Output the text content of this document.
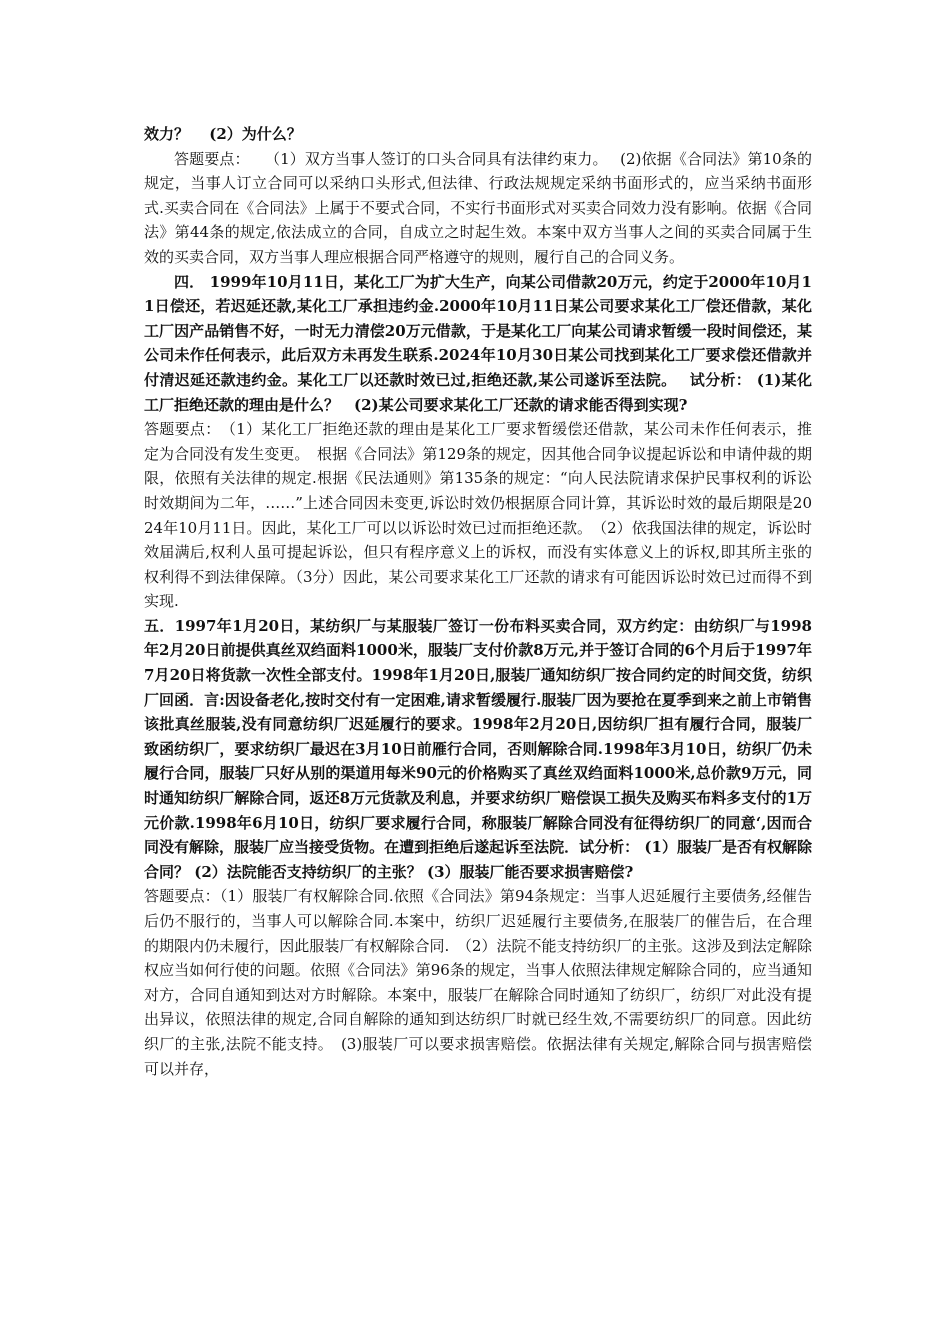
效力？　 (2）为什么？

答题要点：　　（1）双方当事人签订的口头合同具有法律约束力。　 (2)依据《合同法》第10条的规定，当事人订立合同可以采纳口头形式,但法律、行政法规规定采纳书面形式的，应当采纳书面形式.买卖合同在《合同法》上属于不要式合同，不实行书面形式对买卖合同效力没有影响。依据《合同法》第44条的规定,依法成立的合同，自成立之时起生效。本案中双方当事人之间的买卖合同属于生效的买卖合同，双方当事人理应根据合同严格遵守的规则，履行自己的合同义务。

四． 1999年10月11日，某化工厂为扩大生产，向某公司借款20万元，约定于2000年10月11日偿还，若迟延还款,某化工厂承担违约金.2000年10月11日某公司要求某化工厂偿还借款，某化工厂因产品销售不好，一时无力清偿20万元借款，于是某化工厂向某公司请求暂缓一段时间偿还，某公司未作任何表示，此后双方未再发生联系.2024年10月30日某公司找到某化工厂要求偿还借款并付清迟延还款违约金。某化工厂以还款时效已过,拒绝还款,某公司遂诉至法院。　 试分析： (1)某化工厂拒绝还款的理由是什么？　(2)某公司要求某化工厂还款的请求能否得到实现?

答题要点：　（1）某化工厂拒绝还款的理由是某化工厂要求暂缓偿还借款，某公司未作任何表示，推定为合同没有发生变更。　根据《合同法》第129条的规定，因其他合同争议提起诉讼和申请仲裁的期限，依照有关法律的规定.根据《民法通则》第135条的规定：“向人民法院请求保护民事权利的诉讼时效期间为二年，……”上述合同因未变更,诉讼时效仍根据原合同计算，其诉讼时效的最后期限是2024年10月11日。因此，某化工厂可以以诉讼时效已过而拒绝还款。　（2）依我国法律的规定，诉讼时效届满后,权利人虽可提起诉讼，但只有程序意义上的诉权，而没有实体意义上的诉权,即其所主张的权利得不到法律保障。（3分）因此，某公司要求某化工厂还款的请求有可能因诉讼时效已过而得不到实现.

五．1997年1月20日，某纺织厂与某服装厂签订一份布料买卖合同，双方约定：由纺织厂与1998年2月20日前提供真丝双绉面料1000米，服装厂支付价款8万元,并于签订合同的6个月后于1997年7月20日将货款一次性全部支付。1998年1月20日,服装厂通知纺织厂按合同约定的时间交货，纺织厂回函．言:因设备老化,按时交付有一定困难,请求暂缓履行.服装厂因为要抢在夏季到来之前上市销售该批真丝服装,没有同意纺织厂迟延履行的要求。1998年2月20日,因纺织厂担有履行合同，服装厂致函纺织厂，要求纺织厂最迟在3月10日前雁行合同，否则解除合同.1998年3月10日，纺织厂仍未履行合同，服装厂只好从别的渠道用每米90元的价格购买了真丝双绉面料1000米,总价款9万元，同时通知纺织厂解除合同，返还8万元货款及利息，并要求纺织厂赔偿误工损失及购买布料多支付的1万元价款.1998年6月10日，纺织厂要求履行合同，称服装厂解除合同没有征得纺织厂的同意‘,因而合同没有解除，服装厂应当接受货物。在遭到拒绝后遂起诉至法院．试分析： (1）服装厂是否有权解除合同？ (2）法院能否支持纺织厂的主张？ (3）服装厂能否要求损害赔偿?

答题要点：（1）服装厂有权解除合同.依照《合同法》第94条规定：当事人迟延履行主要债务,经催告后仍不服行的，当事人可以解除合同.本案中，纺织厂迟延履行主要债务,在服装厂的催告后，在合理的期限内仍未履行，因此服装厂有权解除合同.　（2）法院不能支持纺织厂的主张。这涉及到法定解除权应当如何行使的问题。依照《合同法》第96条的规定，当事人依照法律规定解除合同的，应当通知对方，合同自通知到达对方时解除。本案中，服装厂在解除合同时通知了纺织厂，纺织厂对此没有提出异议，依照法律的规定,合同自解除的通知到达纺织厂时就已经生效,不需要纺织厂的同意。因此纺织厂的主张,法院不能支持。　(3)服装厂可以要求损害赔偿。依据法律有关规定,解除合同与损害赔偿可以并存，
